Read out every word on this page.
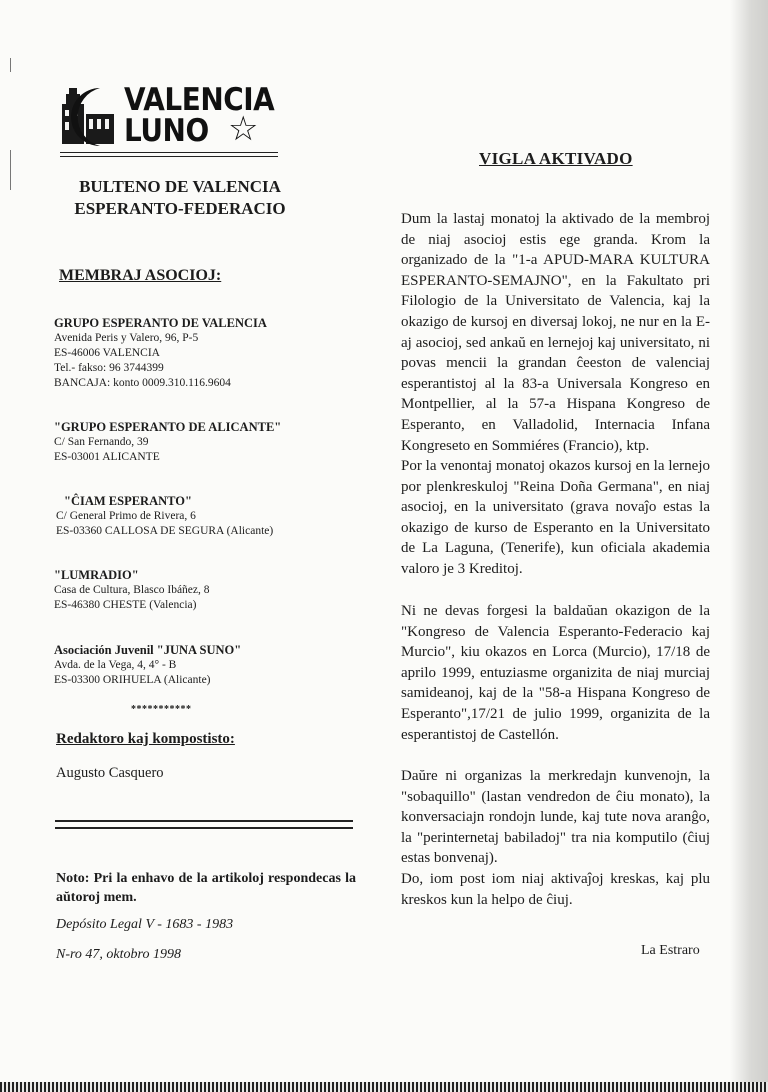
VALENCIA
LUNO ☆
BULTENO DE VALENCIA
ESPERANTO-FEDERACIO
MEMBRAJ ASOCIOJ:
GRUPO ESPERANTO DE VALENCIA
Avenida Peris y Valero, 96, P-5
ES-46006 VALENCIA
Tel.- fakso: 96 3744399
BANCAJA: konto 0009.310.116.9604
"GRUPO ESPERANTO DE ALICANTE"
C/ San Fernando, 39
ES-03001 ALICANTE
"ĈIAM ESPERANTO"
C/ General Primo de Rivera, 6
ES-03360 CALLOSA DE SEGURA (Alicante)
"LUMRADIO"
Casa de Cultura, Blasco Ibáñez, 8
ES-46380 CHESTE (Valencia)
Asociación Juvenil "JUNA SUNO"
Avda. de la Vega, 4, 4° - B
ES-03300 ORIHUELA (Alicante)
***********
Redaktoro kaj kompostisto:
Augusto Casquero
Noto: Pri la enhavo de la artikoloj respondecas la aŭtoroj mem.
Depósito Legal V - 1683 - 1983
N-ro 47, oktobro 1998
VIGLA AKTIVADO
Dum la lastaj monatoj la aktivado de la membroj de niaj asocioj estis ege granda. Krom la organizado de la "1-a APUD-MARA KULTURA ESPERANTO-SEMAJNO", en la Fakultato pri Filologio de la Universitato de Valencia, kaj la okazigo de kursoj en diversaj lokoj, ne nur en la E-aj asocioj, sed ankaŭ en lernejoj kaj universitato, ni povas mencii la grandan ĉeeston de valenciaj esperantistoj al la 83-a Universala Kongreso en Montpellier, al la 57-a Hispana Kongreso de Esperanto, en Valladolid, Internacia Infana Kongreseto en Sommiéres (Francio), ktp.
Por la venontaj monatoj okazos kursoj en la lernejo por plenkreskuloj "Reina Doña Germana", en niaj asocioj, en la universitato (grava novaĵo estas la okazigo de kurso de Esperanto en la Universitato de La Laguna, (Tenerife), kun oficiala akademia valoro je 3 Kreditoj.
Ni ne devas forgesi la baldaŭan okazigon de la "Kongreso de Valencia Esperanto-Federacio kaj Murcio", kiu okazos en Lorca (Murcio), 17/18 de aprilo 1999, entuziasme organizita de niaj murciaj samideanoj, kaj de la "58-a Hispana Kongreso de Esperanto",17/21 de julio 1999, organizita de la esperantistoj de Castellón.
Daŭre ni organizas la merkredajn kunvenojn, la "sobaquillo" (lastan vendredon de ĉiu monato), la konversaciajn rondojn lunde, kaj tute nova aranĝo, la "perinternetaj babiladoj" tra nia komputilo (ĉiuj estas bonvenaj).
Do, iom post iom niaj aktivaĵoj kreskas, kaj plu kreskos kun la helpo de ĉiuj.
La Estraro
